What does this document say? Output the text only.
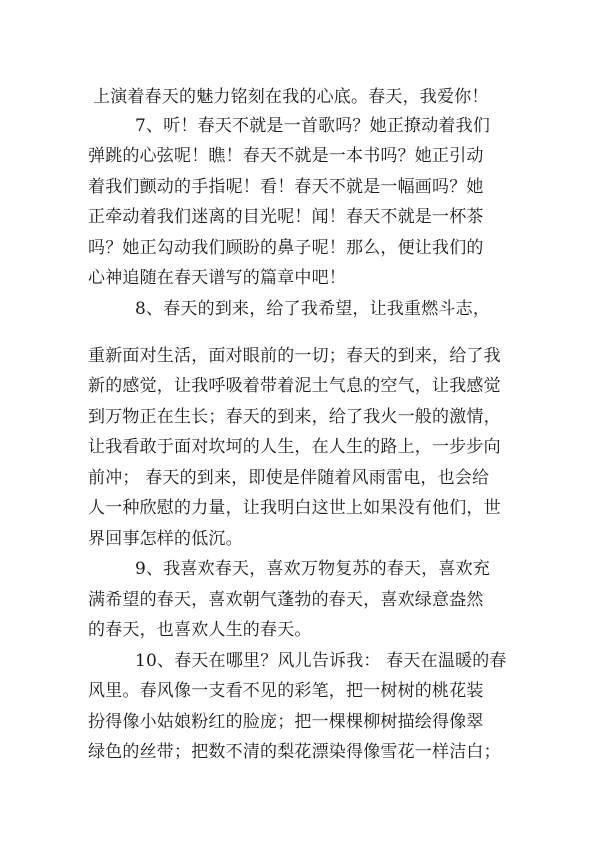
上演着春天的魅力铭刻在我的心底。春天，我爱你！
7、听！春天不就是一首歌吗？她正撩动着我们
弹跳的心弦呢！瞧！春天不就是一本书吗？她正引动
着我们颤动的手指呢！看！春天不就是一幅画吗？她
正牵动着我们迷离的目光呢！闻！春天不就是一杯茶
吗？她正勾动我们顾盼的鼻子呢！那么，便让我们的
心神追随在春天谱写的篇章中吧！
8、春天的到来，给了我希望，让我重燃斗志，
重新面对生活，面对眼前的一切；春天的到来，给了我
新的感觉，让我呼吸着带着泥土气息的空气，让我感觉
到万物正在生长；春天的到来，给了我火一般的激情，
让我看敢于面对坎坷的人生，在人生的路上，一步步向
前冲； 春天的到来，即使是伴随着风雨雷电，也会给
人一种欣慰的力量，让我明白这世上如果没有他们，世
界回事怎样的低沉。
9、我喜欢春天，喜欢万物复苏的春天，喜欢充
满希望的春天，喜欢朝气蓬勃的春天，喜欢绿意盎然
的春天，也喜欢人生的春天。
10、春天在哪里？风儿告诉我： 春天在温暖的春
风里。春风像一支看不见的彩笔，把一树树的桃花装
扮得像小姑娘粉红的脸庞；把一棵棵柳树描绘得像翠
绿色的丝带；把数不清的梨花漂染得像雪花一样洁白；
